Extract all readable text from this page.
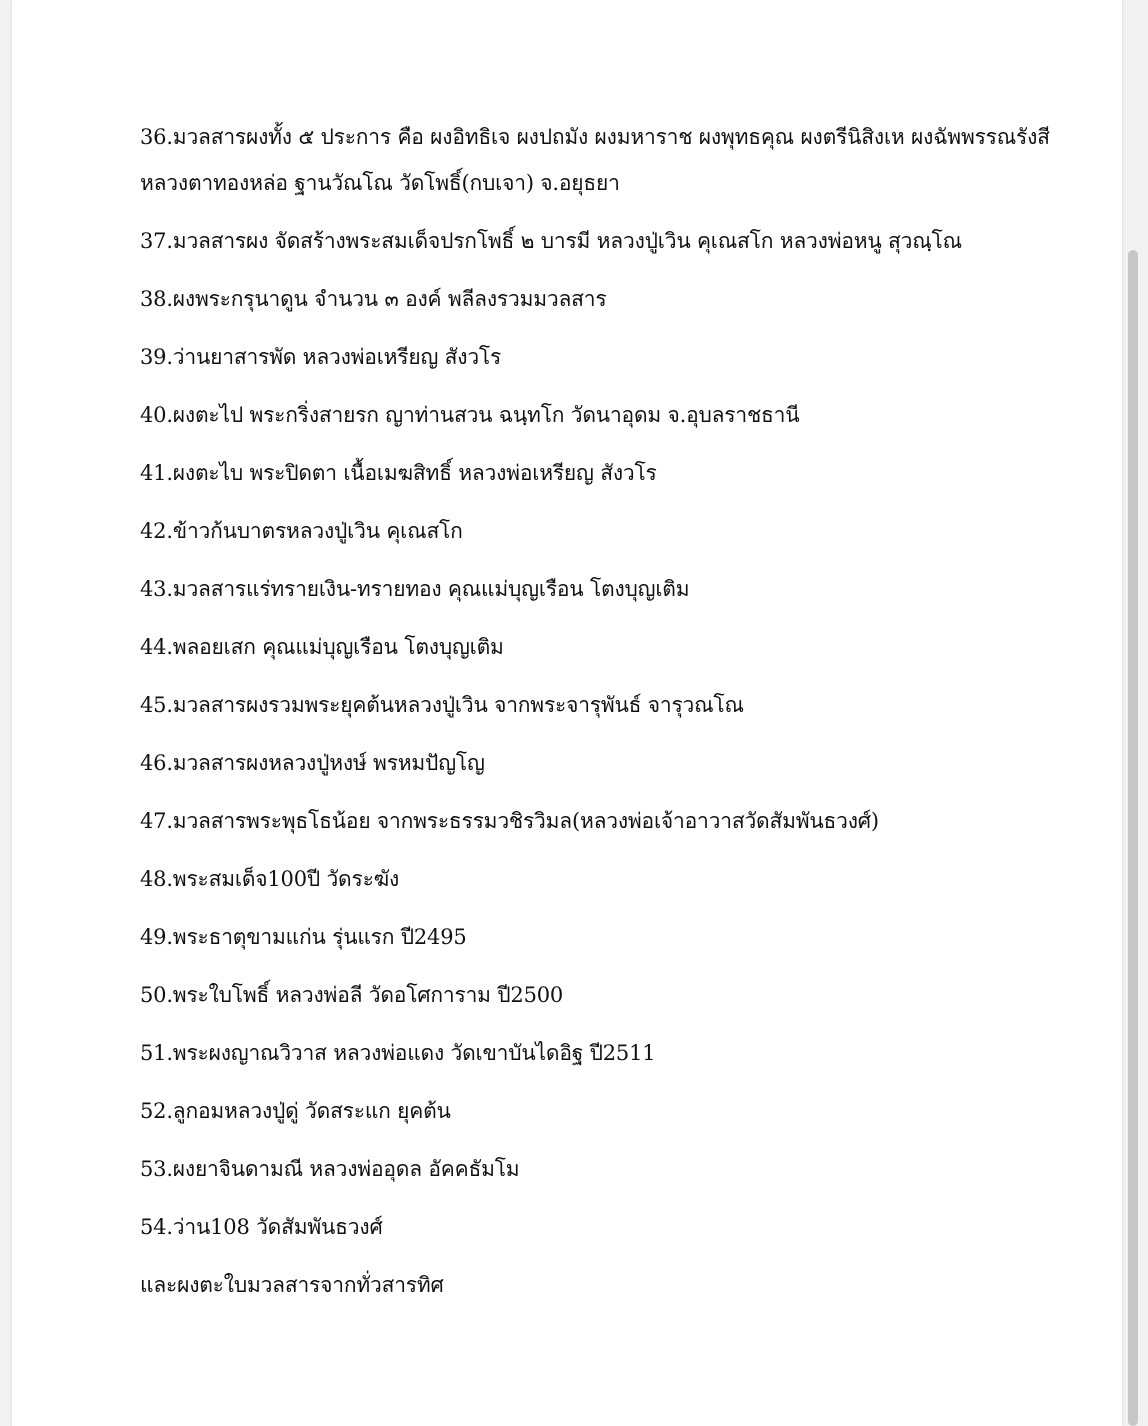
36.มวลสารผงทั้ง ๕ ประการ คือ ผงอิทธิเจ ผงปถมัง ผงมหาราช ผงพุทธคุณ ผงตรีนิสิงเห ผงฉัพพรรณรังสี
หลวงตาทองหล่อ ฐานวัณโณ วัดโพธิ์(กบเจา) จ.อยุธยา
37.มวลสารผง จัดสร้างพระสมเด็จปรกโพธิ์ ๒ บารมี หลวงปู่เวิน คุเณสโก หลวงพ่อหนู สุวณฺโณ
38.ผงพระกรุนาดูน จำนวน ๓ องค์ พลีลงรวมมวลสาร
39.ว่านยาสารพัด หลวงพ่อเหรียญ สังวโร
40.ผงตะไป พระกริ่งสายรก ญาท่านสวน ฉนฺทโก วัดนาอุดม จ.อุบลราชธานี
41.ผงตะไบ พระปิดตา เนื้อเมฆสิทธิ์ หลวงพ่อเหรียญ สังวโร
42.ข้าวก้นบาตรหลวงปู่เวิน คุเณสโก
43.มวลสารแร่ทรายเงิน-ทรายทอง คุณแม่บุญเรือน โตงบุญเติม
44.พลอยเสก คุณแม่บุญเรือน โตงบุญเติม
45.มวลสารผงรวมพระยุคต้นหลวงปู่เวิน จากพระจารุพันธ์ จารุวณโณ
46.มวลสารผงหลวงปู่หงษ์ พรหมปัญโญ
47.มวลสารพระพุธโธน้อย จากพระธรรมวชิรวิมล(หลวงพ่อเจ้าอาวาสวัดสัมพันธวงศ์)
48.พระสมเด็จ100ปี วัดระฆัง
49.พระธาตุขามแก่น รุ่นแรก ปี2495
50.พระใบโพธิ์ หลวงพ่อลี วัดอโศการาม ปี2500
51.พระผงญาณวิวาส หลวงพ่อแดง วัดเขาบันไดอิฐ ปี2511
52.ลูกอมหลวงปู่ดู่ วัดสระแก ยุคต้น
53.ผงยาจินดามณี หลวงพ่ออุดล อัคคธัมโม
54.ว่าน108 วัดสัมพันธวงศ์
และผงตะใบมวลสารจากทั่วสารทิศ
